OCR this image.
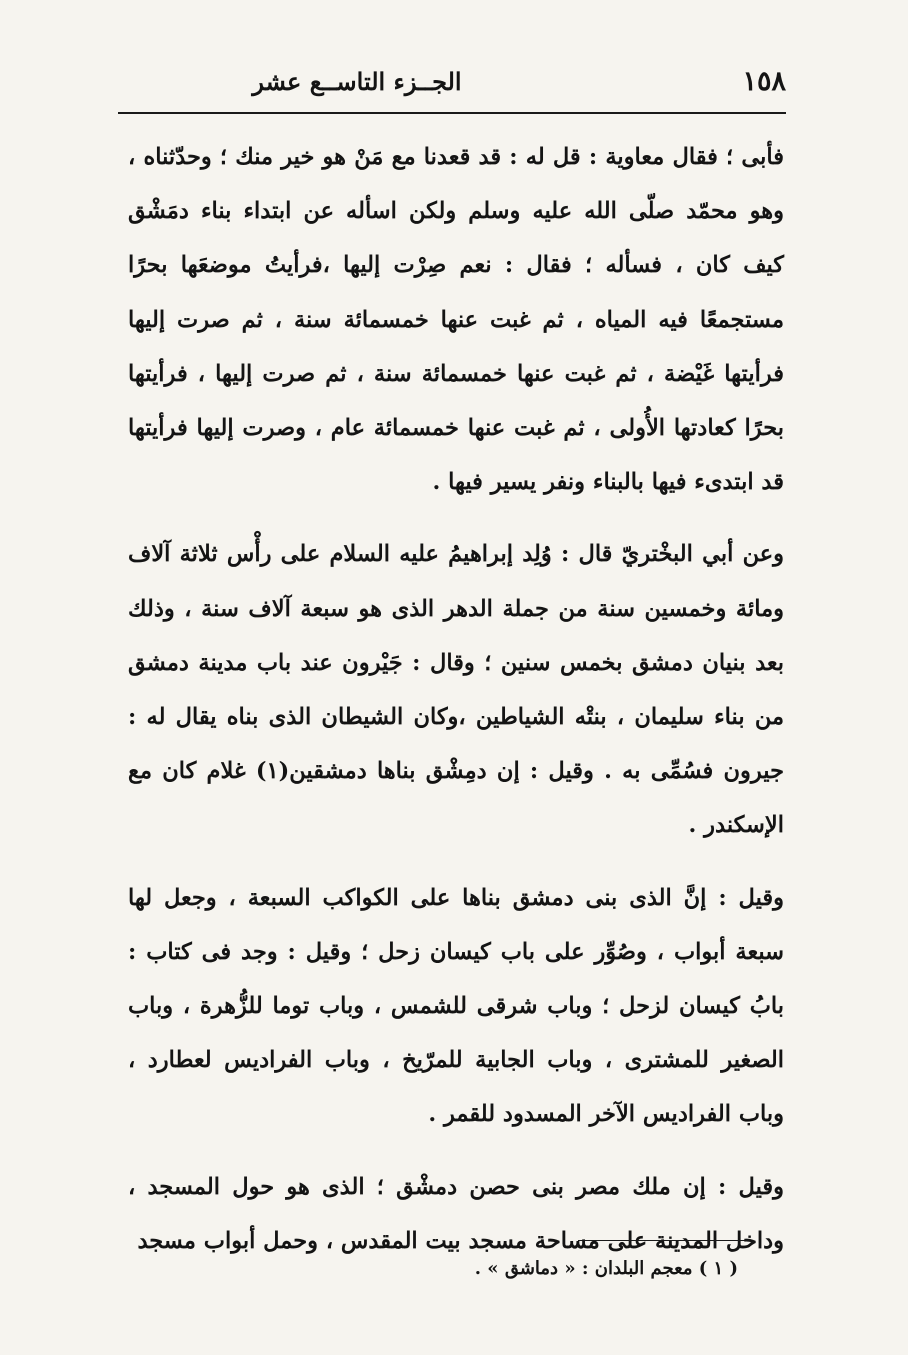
١٥٨
الجــزء التاســع عشر

فأبى ؛ فقال معاوية : قل له : قد قعدنا مع مَنْ هو خير منك ؛ وحدّثناه ، وهو محمّد صلّى الله عليه وسلم ولكن اسأله عن ابتداء بناء دمَشْق كيف كان ، فسأله ؛ فقال : نعم صِرْت إليها ،فرأيتُ موضعَها بحرًا مستجمعًا فيه المياه ، ثم غبت عنها خمسمائة سنة ، ثم صرت إليها فرأيتها غَيْضة ، ثم غبت عنها خمسمائة سنة ، ثم صرت إليها ، فرأيتها بحرًا كعادتها الأُولى ، ثم غبت عنها خمسمائة عام ، وصرت إليها فرأيتها قد ابتدىء فيها بالبناء ونفر يسير فيها .

وعن أبي البخْتريّ قال : وُلِد إبراهيمُ عليه السلام على رأْس ثلاثة آلاف ومائة وخمسين سنة من جملة الدهر الذى هو سبعة آلاف سنة ، وذلك بعد بنيان دمشق بخمس سنين ؛ وقال : جَيْرون عند باب مدينة دمشق من بناء سليمان ، بنتْه الشياطين ،وكان الشيطان الذى بناه يقال له : جيرون فسُمِّى به . وقيل : إن دمِشْق بناها دمشقين(١) غلام كان مع الإسكندر .

وقيل : إنَّ الذى بنى دمشق بناها على الكواكب السبعة ، وجعل لها سبعة أبواب ، وصُوِّر على باب كيسان زحل ؛ وقيل : وجد فى كتاب : بابُ كيسان لزحل ؛ وباب شرقى للشمس ، وباب توما للزُّهرة ، وباب الصغير للمشترى ، وباب الجابية للمرّيخ ، وباب الفراديس لعطارد ، وباب الفراديس الآخر المسدود للقمر .

وقيل : إن ملك مصر بنى حصن دمشْق ؛ الذى هو حول المسجد ، وداخل المدينة على مساحة مسجد بيت المقدس ، وحمل أبواب مسجد

( ١ ) معجم البلدان : « دماشق » .
